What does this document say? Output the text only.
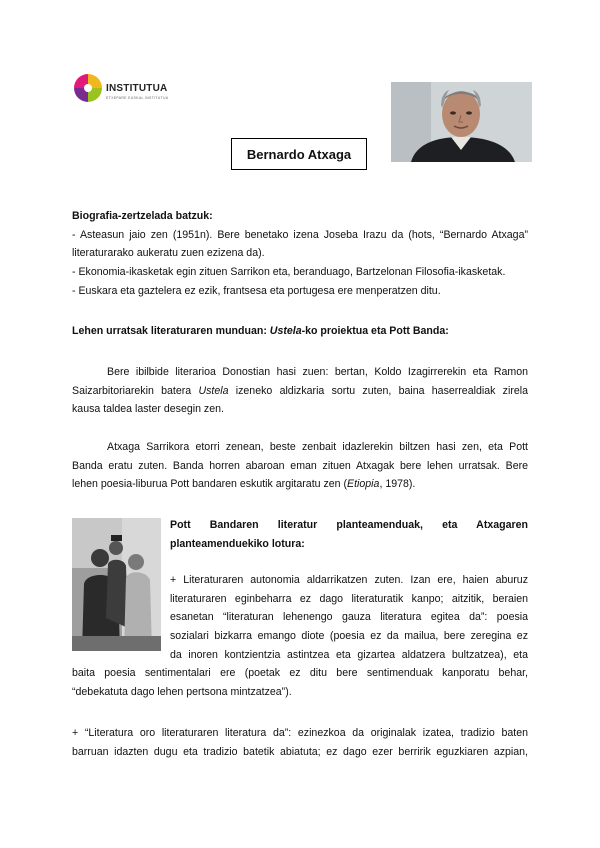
INSTITUTUA
ETXEPARE EUSKAL INSTITUTUA
Bernardo Atxaga

Biografia-zertzelada batzuk:

- Asteasun jaio zen (1951n). Bere benetako izena Joseba Irazu da (hots, “Bernardo Atxaga”

literaturarako aukeratu zuen ezizena da).

- Ekonomia-ikasketak egin zituen Sarrikon eta, beranduago, Bartzelonan Filosofia-ikasketak.

- Euskara eta gaztelera ez ezik, frantsesa eta portugesa ere menperatzen ditu.

Lehen urratsak literaturaren munduan: Ustela-ko proiektua eta Pott Banda:

Bere ibilbide literarioa Donostian hasi zuen: bertan, Koldo Izagirrerekin eta Ramon

Saizarbitoriarekin batera Ustela izeneko aldizkaria sortu zuten, baina haserrealdiak zirela

kausa taldea laster desegin zen.

Atxaga Sarrikora etorri zenean, beste zenbait idazlerekin biltzen hasi zen, eta Pott

Banda eratu zuten. Banda horren abaroan eman zituen Atxagak bere lehen urratsak. Bere

lehen poesia-liburua Pott bandaren eskutik argitaratu zen (Etiopia, 1978).

Pott Bandaren literatur planteamenduak, eta Atxagaren

planteamenduekiko lotura:

+ Literaturaren autonomia aldarrikatzen zuten. Izan ere, haien aburuz

literaturaren eginbeharra ez dago literaturatik kanpo; aitzitik, beraien

esanetan “literaturan lehenengo gauza literatura egitea da”: poesia

sozialari bizkarra emango diote (poesia ez da mailua, bere zeregina ez

da inoren kontzientzia astintzea eta gizartea aldatzera bultzatzea), eta

baita poesia sentimentalari ere (poetak ez ditu bere sentimenduak kanporatu behar,

“debekatuta dago lehen pertsona mintzatzea”).

+ “Literatura oro literaturaren literatura da”: ezinezkoa da originalak izatea, tradizio baten

barruan idazten dugu eta tradizio batetik abiatuta; ez dago ezer berririk eguzkiaren azpian,
